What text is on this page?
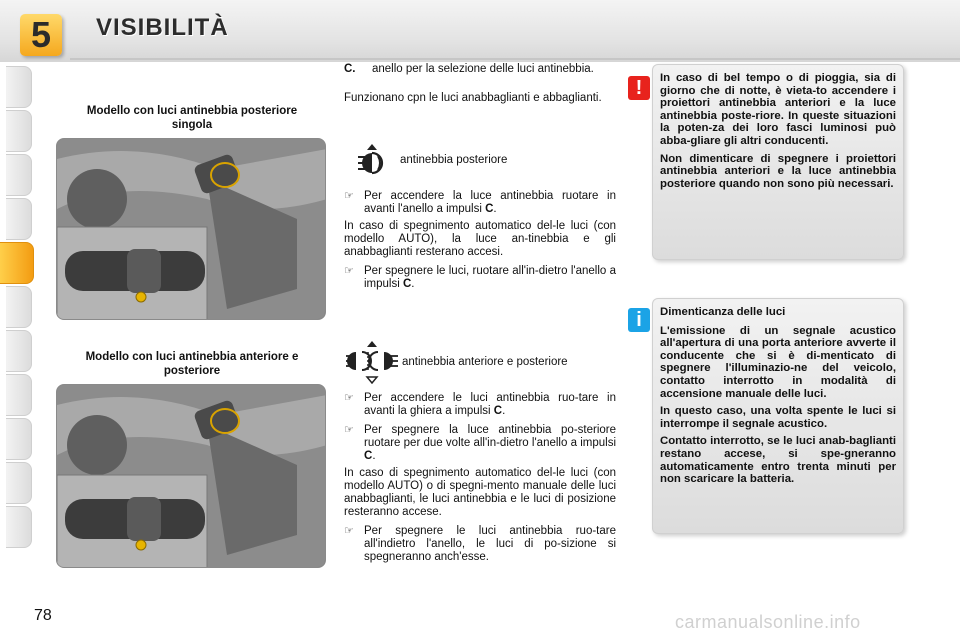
5 VISIBILITÀ
Modello con luci antinebbia posteriore singola
Modello con luci antinebbia anteriore e posteriore
C.	anello per la selezione delle luci antinebbia.

Funzionano cpn le luci anabbaglianti e abbaglianti.

antinebbia posteriore
☞ Per accendere la luce antinebbia ruotare in avanti l'anello a impulsi C.

In caso di spegnimento automatico del-le luci (con modello AUTO), la luce an-tinebbia e gli anabbaglianti resterano accesi.

☞ Per spegnere le luci, ruotare all'in-dietro l'anello a impulsi C.
antinebbia anteriore e posteriore
☞ Per accendere le luci antinebbia ruo-tare in avanti la ghiera a impulsi C.
☞ Per spegnere la luce antinebbia po-steriore ruotare per due volte all'in-dietro l'anello a impulsi C.

In caso di spegnimento automatico del-le luci (con modello AUTO) o di spegni-mento manuale delle luci anabbaglianti, le luci antinebbia e le luci di posizione resteranno accese.

☞ Per spegnere le luci antinebbia ruo-tare all'indietro l'anello, le luci di po-sizione si spegneranno anch'esse.
!	In caso di bel tempo o di pioggia, sia di giorno che di notte, è vieta-to accendere i proiettori antinebbia anteriori e la luce antinebbia poste-riore. In queste situazioni la poten-za dei loro fasci luminosi può abba-gliare gli altri conducenti.

Non dimenticare di spegnere i proiettori antinebbia anteriori e la luce antinebbia posteriore quando non sono più necessari.

i	Dimenticanza delle luci

L'emissione di un segnale acustico all'apertura di una porta anteriore avverte il conducente che si è di-menticato di spegnere l'illuminazio-ne del veicolo, contatto interrotto in modalità di accensione manuale delle luci.

In questo caso, una volta spente le luci si interrompe il segnale acustico.

Contatto interrotto, se le luci anab-baglianti restano accese, si spe-gneranno automaticamente entro trenta minuti per non scaricare la batteria.

78	carmanualsonline.info
